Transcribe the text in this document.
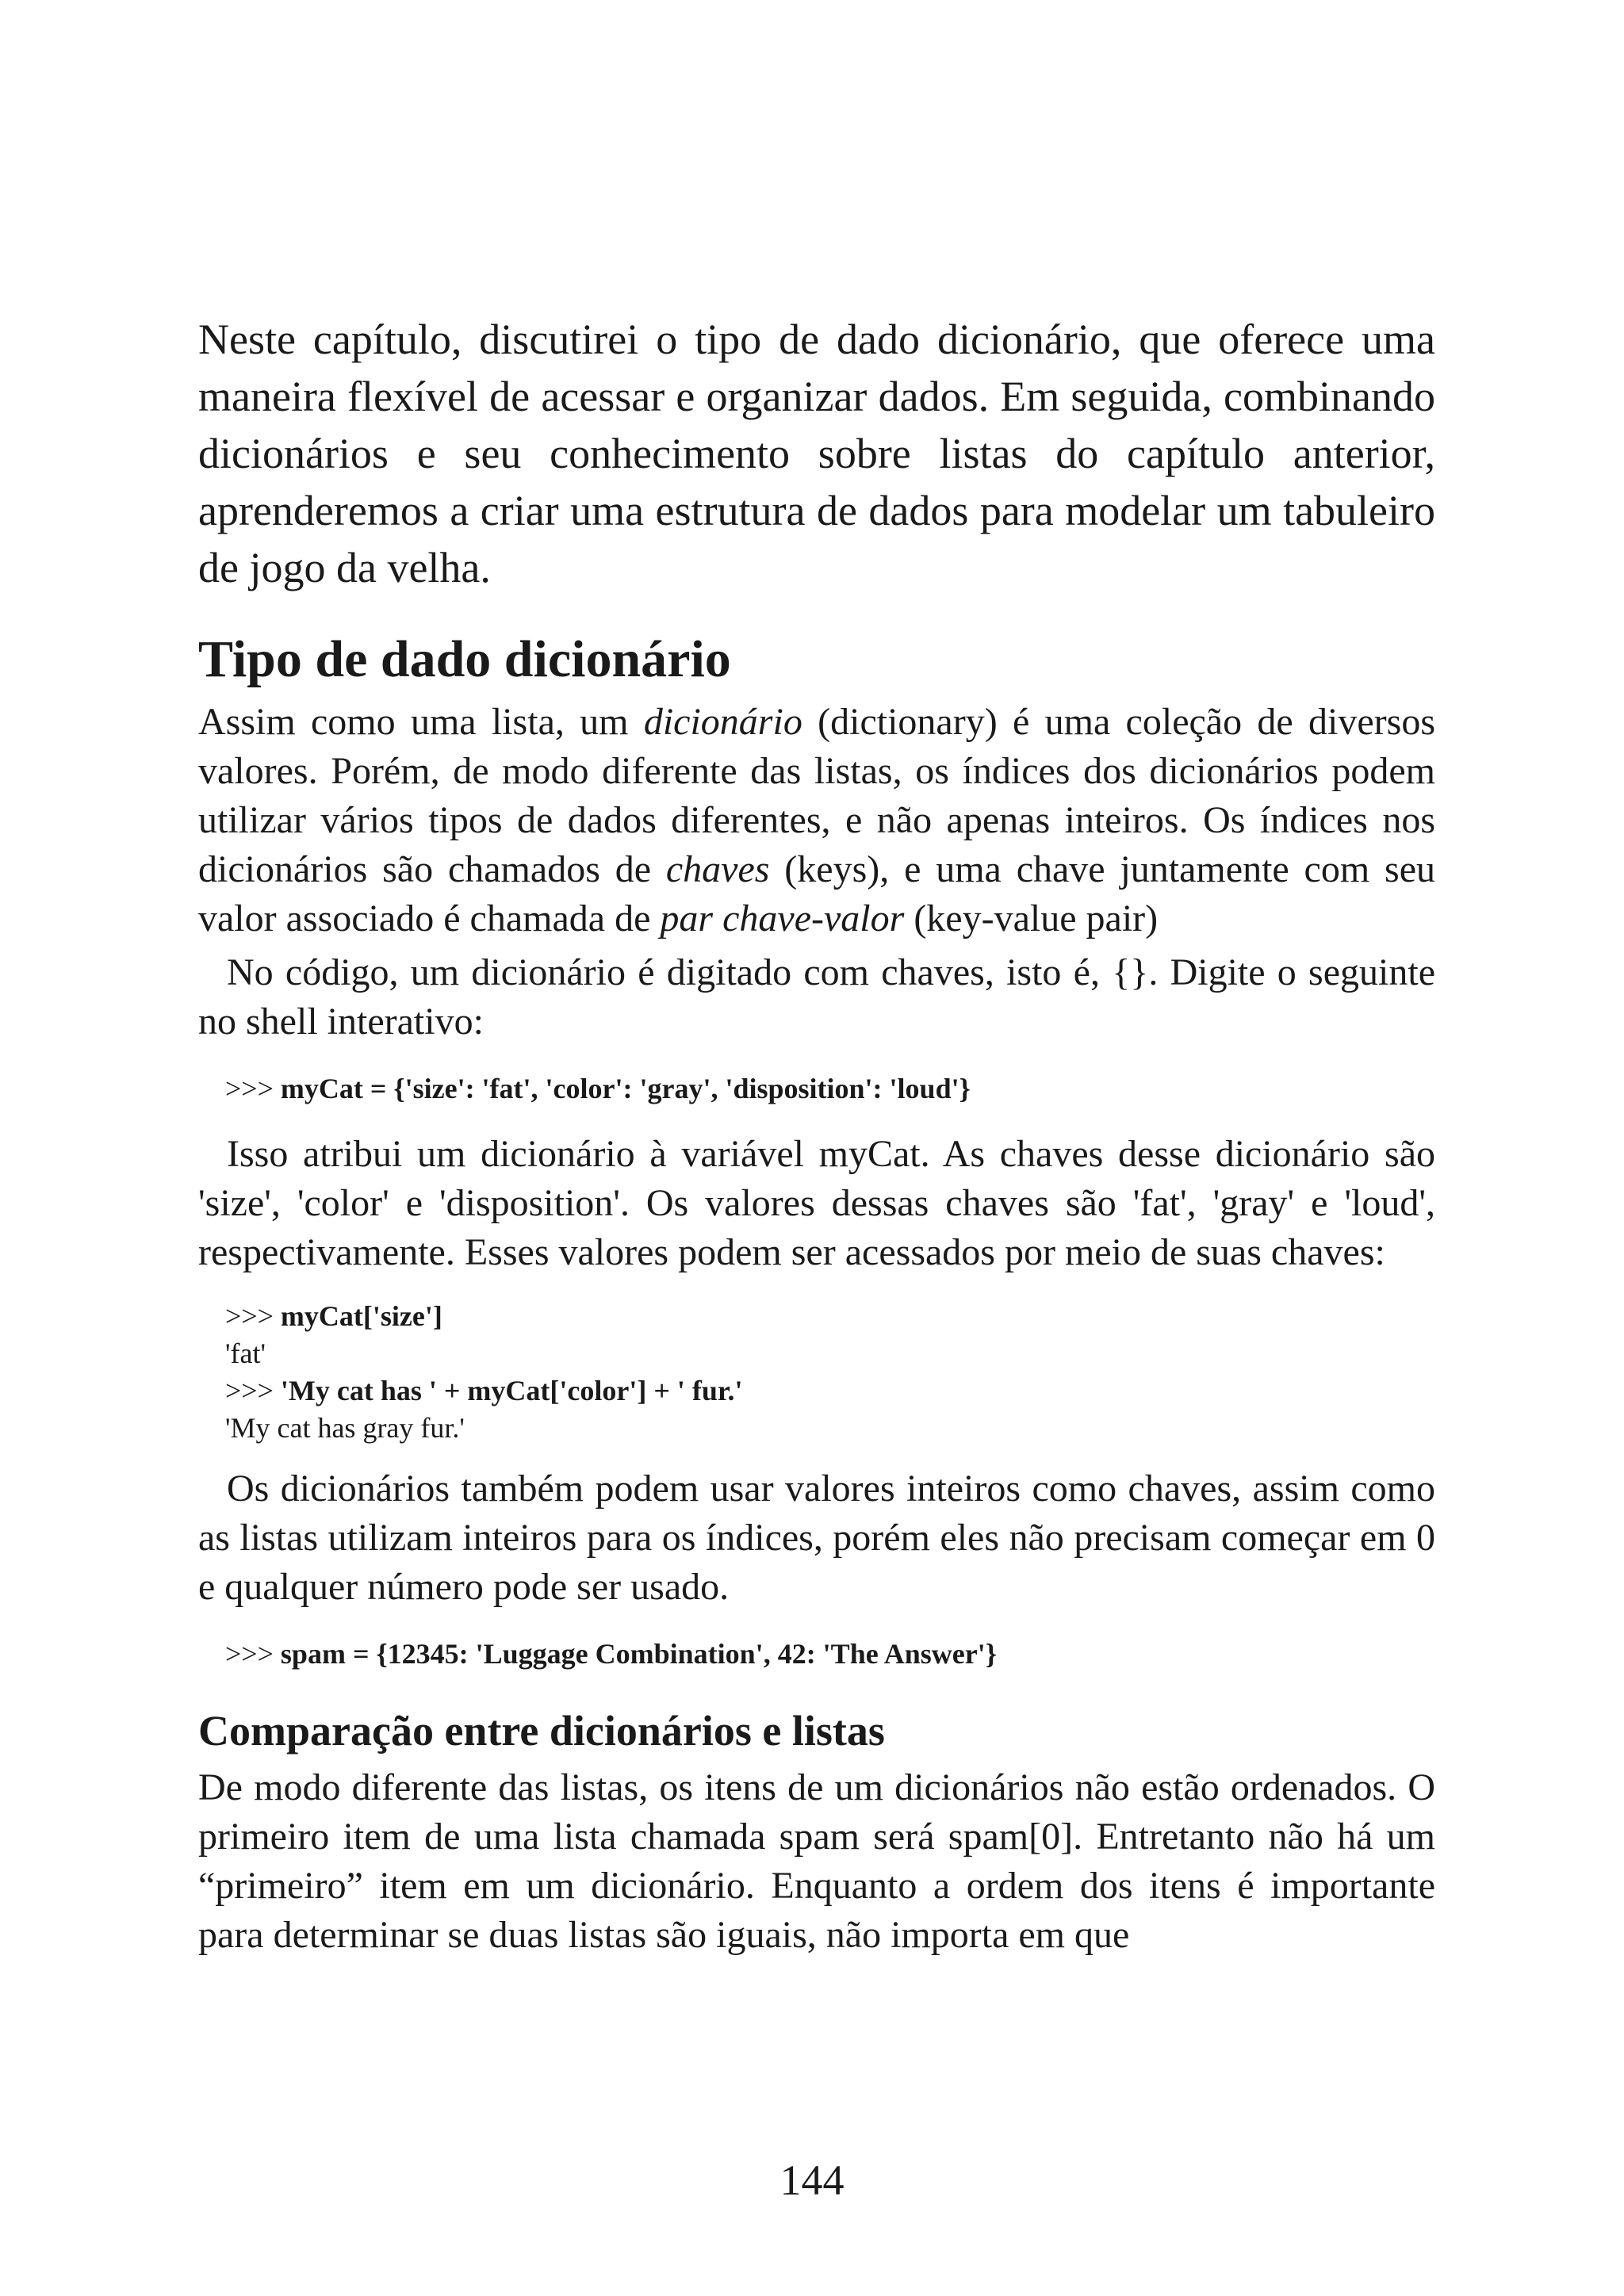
Neste capítulo, discutirei o tipo de dado dicionário, que oferece uma maneira flexível de acessar e organizar dados. Em seguida, combinando dicionários e seu conhecimento sobre listas do capítulo anterior, aprenderemos a criar uma estrutura de dados para modelar um tabuleiro de jogo da velha.

Tipo de dado dicionário

Assim como uma lista, um dicionário (dictionary) é uma coleção de diversos valores. Porém, de modo diferente das listas, os índices dos dicionários podem utilizar vários tipos de dados diferentes, e não apenas inteiros. Os índices nos dicionários são chamados de chaves (keys), e uma chave juntamente com seu valor associado é chamada de par chave-valor (key-value pair)

No código, um dicionário é digitado com chaves, isto é, {}. Digite o seguinte no shell interativo:

>>> myCat = {'size': 'fat', 'color': 'gray', 'disposition': 'loud'}

Isso atribui um dicionário à variável myCat. As chaves desse dicionário são 'size', 'color' e 'disposition'. Os valores dessas chaves são 'fat', 'gray' e 'loud', respectivamente. Esses valores podem ser acessados por meio de suas chaves:

>>> myCat['size']
'fat'
>>> 'My cat has ' + myCat['color'] + ' fur.'
'My cat has gray fur.'

Os dicionários também podem usar valores inteiros como chaves, assim como as listas utilizam inteiros para os índices, porém eles não precisam começar em 0 e qualquer número pode ser usado.

>>> spam = {12345: 'Luggage Combination', 42: 'The Answer'}
Comparação entre dicionários e listas

De modo diferente das listas, os itens de um dicionários não estão ordenados. O primeiro item de uma lista chamada spam será spam[0]. Entretanto não há um “primeiro” item em um dicionário. Enquanto a ordem dos itens é importante para determinar se duas listas são iguais, não importa em que

144
